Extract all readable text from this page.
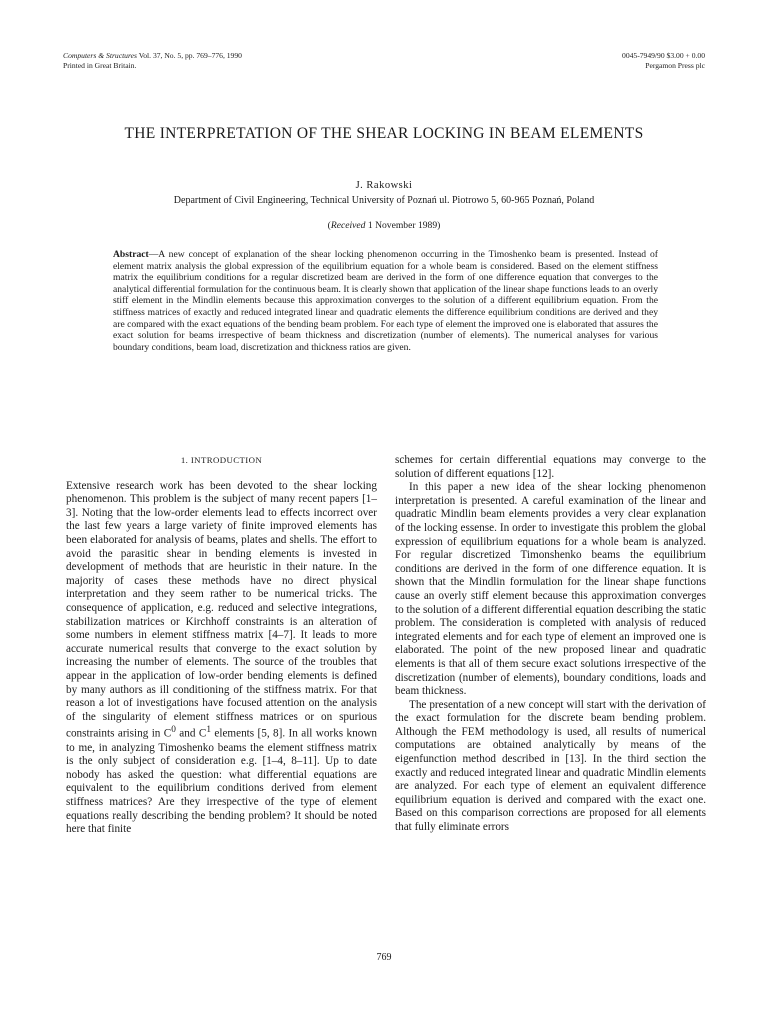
Computers & Structures Vol. 37, No. 5, pp. 769–776, 1990
Printed in Great Britain.
0045-7949/90 $3.00 + 0.00
Pergamon Press plc
THE INTERPRETATION OF THE SHEAR LOCKING IN BEAM ELEMENTS
J. Rakowski
Department of Civil Engineering, Technical University of Poznań ul. Piotrowo 5, 60-965 Poznań, Poland
(Received 1 November 1989)
Abstract—A new concept of explanation of the shear locking phenomenon occurring in the Timoshenko beam is presented. Instead of element matrix analysis the global expression of the equilibrium equation for a whole beam is considered. Based on the element stiffness matrix the equilibrium conditions for a regular discretized beam are derived in the form of one difference equation that converges to the analytical differential formulation for the continuous beam. It is clearly shown that application of the linear shape functions leads to an overly stiff element in the Mindlin elements because this approximation converges to the solution of a different equilibrium equation. From the stiffness matrices of exactly and reduced integrated linear and quadratic elements the difference equilibrium conditions are derived and they are compared with the exact equations of the bending beam problem. For each type of element the improved one is elaborated that assures the exact solution for beams irrespective of beam thickness and discretization (number of elements). The numerical analyses for various boundary conditions, beam load, discretization and thickness ratios are given.
1. INTRODUCTION

Extensive research work has been devoted to the shear locking phenomenon. This problem is the subject of many recent papers [1–3]. Noting that the low-order elements lead to effects incorrect over the last few years a large variety of finite improved elements has been elaborated for analysis of beams, plates and shells. The effort to avoid the parasitic shear in bending elements is invested in development of methods that are heuristic in their nature. In the majority of cases these methods have no direct physical interpretation and they seem rather to be numerical tricks. The consequence of application, e.g. reduced and selective integrations, stabilization matrices or Kirchhoff constraints is an alteration of some numbers in element stiffness matrix [4–7]. It leads to more accurate numerical results that converge to the exact solution by increasing the number of elements. The source of the troubles that appear in the application of low-order bending elements is defined by many authors as ill conditioning of the stiffness matrix. For that reason a lot of investigations have focused attention on the analysis of the singularity of element stiffness matrices or on spurious constraints arising in $C^0$ and $C^1$ elements [5, 8]. In all works known to me, in analyzing Timoshenko beams the element stiffness matrix is the only subject of consideration e.g. [1–4, 8–11]. Up to date nobody has asked the question: what differential equations are equivalent to the equilibrium conditions derived from element stiffness matrices? Are they irrespective of the type of element equations really describing the bending problem? It should be noted here that finite

schemes for certain differential equations may converge to the solution of different equations [12].

In this paper a new idea of the shear locking phenomenon interpretation is presented. A careful examination of the linear and quadratic Mindlin beam elements provides a very clear explanation of the locking essense. In order to investigate this problem the global expression of equilibrium equations for a whole beam is analyzed. For regular discretized Timonshenko beams the equilibrium conditions are derived in the form of one difference equation. It is shown that the Mindlin formulation for the linear shape functions cause an overly stiff element because this approximation converges to the solution of a different differential equation describing the static problem. The consideration is completed with analysis of reduced integrated elements and for each type of element an improved one is elaborated. The point of the new proposed linear and quadratic elements is that all of them secure exact solutions irrespective of the discretization (number of elements), boundary conditions, loads and beam thickness.

The presentation of a new concept will start with the derivation of the exact formulation for the discrete beam bending problem. Although the FEM methodology is used, all results of numerical computations are obtained analytically by means of the eigenfunction method described in [13]. In the third section the exactly and reduced integrated linear and quadratic Mindlin elements are analyzed. For each type of element an equivalent difference equilibrium equation is derived and compared with the exact one. Based on this comparison corrections are proposed for all elements that fully eliminate errors

769
